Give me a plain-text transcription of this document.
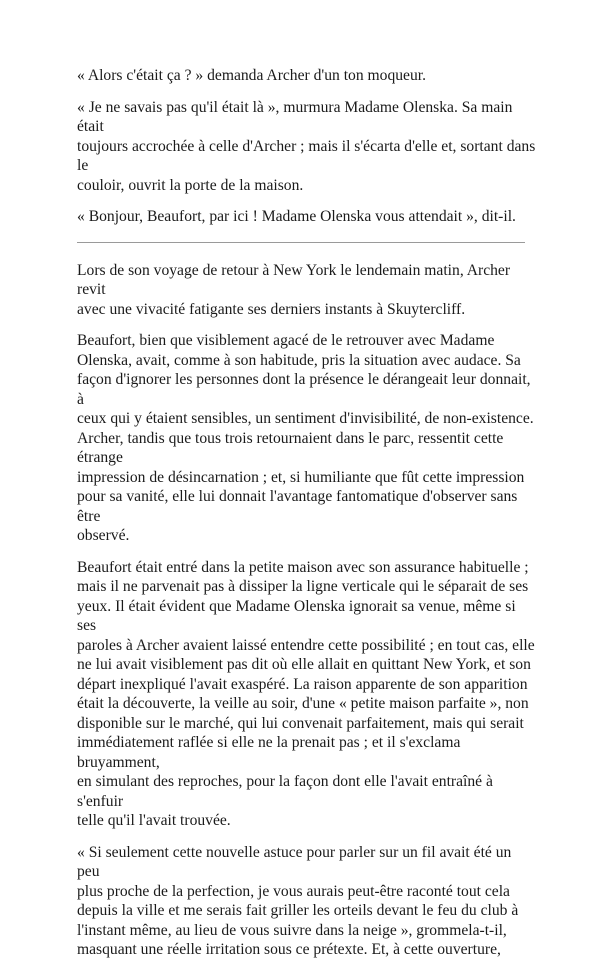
« Alors c'était ça ? » demanda Archer d'un ton moqueur.

« Je ne savais pas qu'il était là », murmura Madame Olenska. Sa main était
toujours accrochée à celle d'Archer ; mais il s'écarta d'elle et, sortant dans le
couloir, ouvrit la porte de la maison.

« Bonjour, Beaufort, par ici ! Madame Olenska vous attendait », dit-il.

Lors de son voyage de retour à New York le lendemain matin, Archer revit
avec une vivacité fatigante ses derniers instants à Skuytercliff.

Beaufort, bien que visiblement agacé de le retrouver avec Madame
Olenska, avait, comme à son habitude, pris la situation avec audace. Sa
façon d'ignorer les personnes dont la présence le dérangeait leur donnait, à
ceux qui y étaient sensibles, un sentiment d'invisibilité, de non-existence.
Archer, tandis que tous trois retournaient dans le parc, ressentit cette étrange
impression de désincarnation ; et, si humiliante que fût cette impression
pour sa vanité, elle lui donnait l'avantage fantomatique d'observer sans être
observé.

Beaufort était entré dans la petite maison avec son assurance habituelle ;
mais il ne parvenait pas à dissiper la ligne verticale qui le séparait de ses
yeux. Il était évident que Madame Olenska ignorait sa venue, même si ses
paroles à Archer avaient laissé entendre cette possibilité ; en tout cas, elle
ne lui avait visiblement pas dit où elle allait en quittant New York, et son
départ inexpliqué l'avait exaspéré. La raison apparente de son apparition
était la découverte, la veille au soir, d'une « petite maison parfaite », non
disponible sur le marché, qui lui convenait parfaitement, mais qui serait
immédiatement raflée si elle ne la prenait pas ; et il s'exclama bruyamment,
en simulant des reproches, pour la façon dont elle l'avait entraîné à s'enfuir
telle qu'il l'avait trouvée.

« Si seulement cette nouvelle astuce pour parler sur un fil avait été un peu
plus proche de la perfection, je vous aurais peut-être raconté tout cela
depuis la ville et me serais fait griller les orteils devant le feu du club à
l'instant même, au lieu de vous suivre dans la neige », grommela-t-il,
masquant une réelle irritation sous ce prétexte. Et, à cette ouverture,
